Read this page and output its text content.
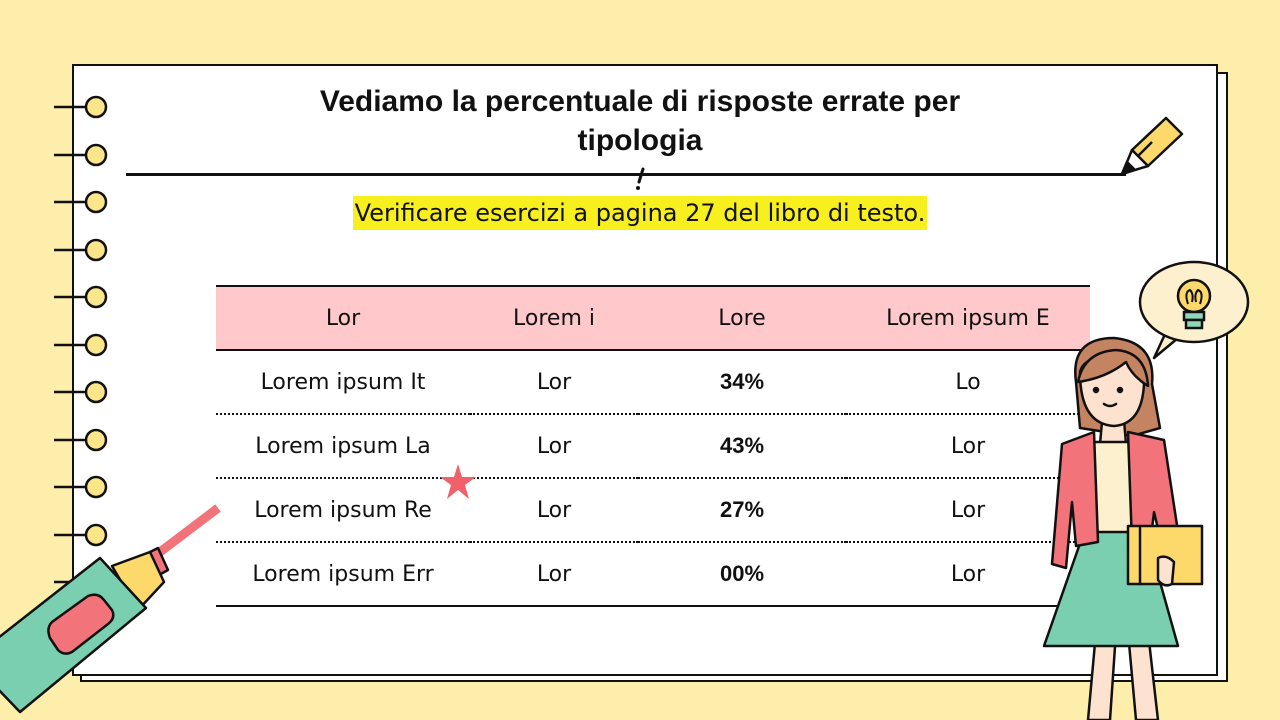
Vediamo la percentuale di risposte errate per tipologia
Verificare esercizi a pagina 27 del libro di testo.
Lor	Lorem i	Lore	Lorem ipsum E
Lorem ipsum It	Lor	34%	Lo
Lorem ipsum La	Lor	43%	Lor
Lorem ipsum Re	Lor	27%	Lor
Lorem ipsum Err	Lor	00%	Lor
